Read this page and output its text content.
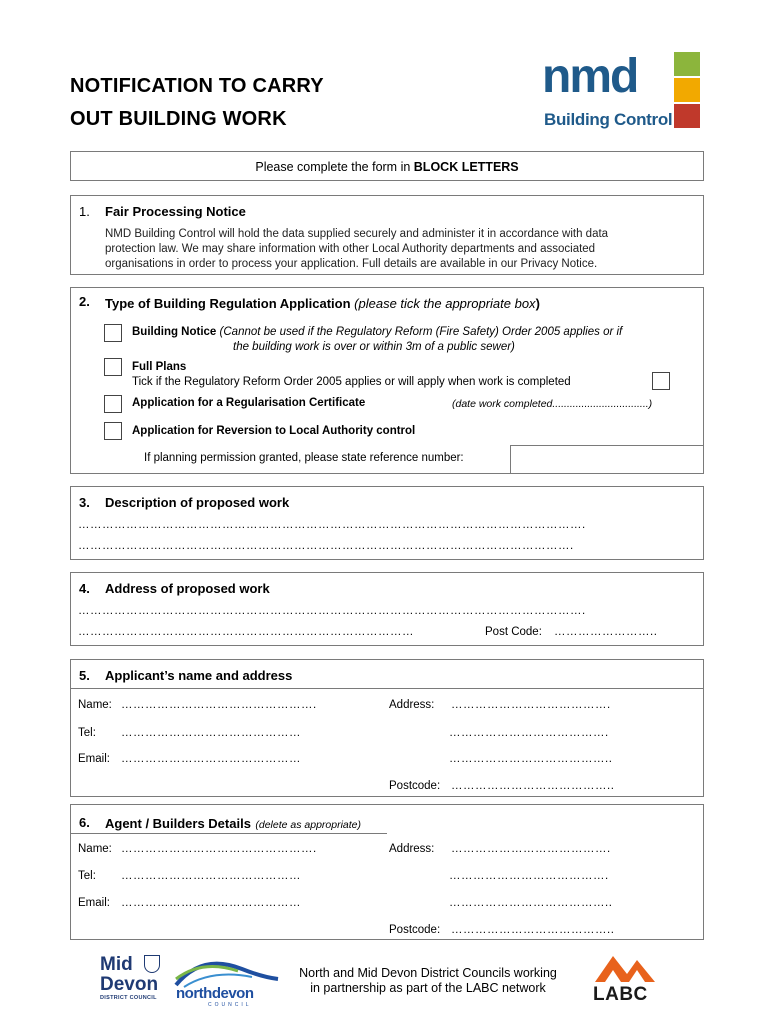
NOTIFICATION TO CARRY
OUT BUILDING WORK
nmd
Building Control
Please complete the form in BLOCK LETTERS
1. Fair Processing Notice
NMD Building Control will hold the data supplied securely and administer it in accordance with data
protection law. We may share information with other Local Authority departments and associated
organisations in order to process your application. Full details are available in our Privacy Notice.
2. Type of Building Regulation Application (please tick the appropriate box)
Building Notice (Cannot be used if the Regulatory Reform (Fire Safety) Order 2005 applies or if
the building work is over or within 3m of a public sewer)
Full Plans
Tick if the Regulatory Reform Order 2005 applies or will apply when work is completed
Application for a Regularisation Certificate	(date work completed.................................)
Application for Reversion to Local Authority control
If planning permission granted, please state reference number:
3. Description of proposed work
……………………………………………………………………………………………………………….
…………………………………………………………………………………………………………….
4. Address of proposed work
……………………………………………………………………………………………………………….
…………………………………………………………………………	Post Code: ……………………..
5. Applicant’s name and address
Name: ………………………………………….	Address: ………………………………….
Tel: ………………………………………	………………………………….
Email: ………………………………………	…………………………………..
Postcode: …………………………………..
6. Agent / Builders Details (delete as appropriate)
Name: ………………………………………….	Address: ………………………………….
Tel: ………………………………………	………………………………….
Email: ………………………………………	…………………………………..
Postcode: …………………………………..
Mid
Devon
DISTRICT COUNCIL	northdevon
COUNCIL
North and Mid Devon District Councils working
in partnership as part of the LABC network	LABC
